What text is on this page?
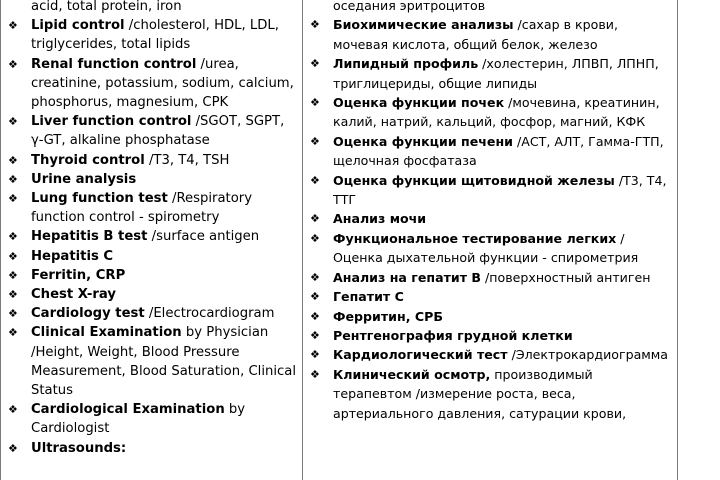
acid, total protein, iron
❖ Lipid control /cholesterol, HDL, LDL, triglycerides, total lipids
❖ Renal function control /urea, creatinine, potassium, sodium, calcium, phosphorus, magnesium, CPK
❖ Liver function control /SGOT, SGPT, γ-GT, alkaline phosphatase
❖ Thyroid control /T3, T4, TSH
❖ Urine analysis
❖ Lung function test /Respiratory function control - spirometry
❖ Hepatitis B test /surface antigen
❖ Hepatitis C
❖ Ferritin, CRP
❖ Chest X-ray
❖ Cardiology test /Electrocardiogram
❖ Clinical Examination by Physician /Height, Weight, Blood Pressure Measurement, Blood Saturation, Clinical Status
❖ Cardiological Examination by Cardiologist
❖ Ultrasounds:
оседания эритроцитов
❖	Биохимические анализы /сахар в крови, мочевая кислота, общий белок, железо
❖	Липидный профиль /холестерин, ЛПВП, ЛПНП, триглицериды, общие липиды
❖	Оценка функции почек /мочевина, креатинин, калий, натрий, кальций, фосфор, магний, КФК
❖	Оценка функции печени /АСТ, АЛТ, Гамма-ГТП, щелочная фосфатаза
❖	Оценка функции щитовидной железы /Т3, Т4, ТТГ
❖	Анализ мочи
❖	Функциональное тестирование легких /Оценка дыхательной функции - спирометрия
❖	Анализ на гепатит В /поверхностный антиген
❖	Гепатит С
❖	Ферритин, СРБ
❖	Рентгенография грудной клетки
❖	Кардиологический тест /Электрокардиограмма
❖	Клинический осмотр, производимый терапевтом /измерение роста, веса, артериального давления, сатурации крови,
